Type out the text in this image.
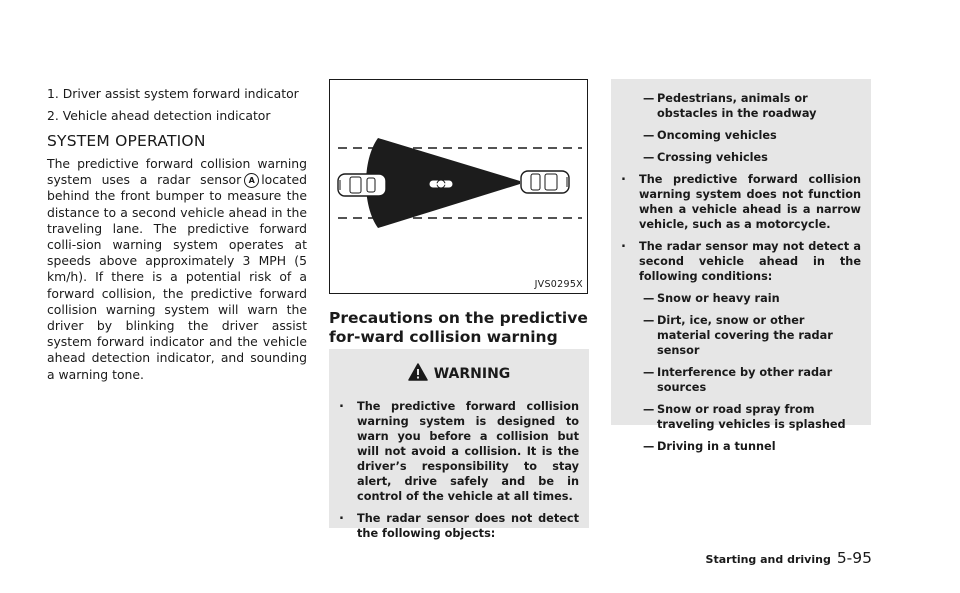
1. Driver assist system forward indicator
2. Vehicle ahead detection indicator
SYSTEM OPERATION

The predictive forward collision warning system uses a radar sensor A located behind the front bumper to measure the distance to a second vehicle ahead in the traveling lane. The predictive forward colli-sion warning system operates at speeds above approximately 3 MPH (5 km/h). If there is a potential risk of a forward collision, the predictive forward collision warning system will warn the driver by blinking the driver assist system forward indicator and the vehicle ahead detection indicator, and sounding a warning tone.

JVS0295X
Precautions on the predictive for-ward collision warning
WARNING
. The predictive forward collision warning system is designed to warn you before a collision but will not avoid a collision. It is the driver’s responsibility to stay alert, drive safely and be in control of the vehicle at all times.
. The radar sensor does not detect the following objects:
— Pedestrians, animals or obstacles in the roadway
— Oncoming vehicles
— Crossing vehicles
. The predictive forward collision warning system does not function when a vehicle ahead is a narrow vehicle, such as a motorcycle.
. The radar sensor may not detect a second vehicle ahead in the following conditions:
— Snow or heavy rain
— Dirt, ice, snow or other material covering the radar sensor
— Interference by other radar sources
— Snow or road spray from traveling vehicles is splashed
— Driving in a tunnel
Starting and driving 5-95
